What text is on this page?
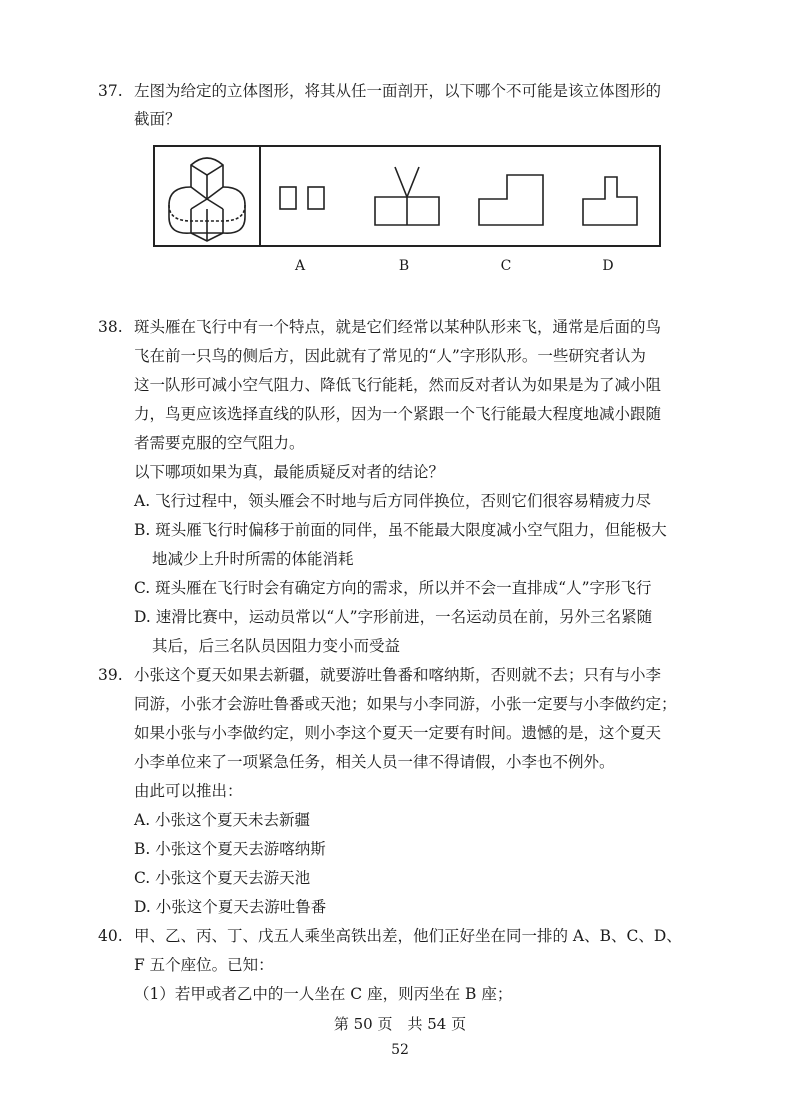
37. 左图为给定的立体图形，将其从任一面剖开，以下哪个不可能是该立体图形的
截面？
A	B	C	D
38. 斑头雁在飞行中有一个特点，就是它们经常以某种队形来飞，通常是后面的鸟
飞在前一只鸟的侧后方，因此就有了常见的“人”字形队形。一些研究者认为
这一队形可减小空气阻力、降低飞行能耗，然而反对者认为如果是为了减小阻
力，鸟更应该选择直线的队形，因为一个紧跟一个飞行能最大程度地减小跟随
者需要克服的空气阻力。
以下哪项如果为真，最能质疑反对者的结论？
A. 飞行过程中，领头雁会不时地与后方同伴换位，否则它们很容易精疲力尽
B. 斑头雁飞行时偏移于前面的同伴，虽不能最大限度减小空气阻力，但能极大
地减少上升时所需的体能消耗
C. 斑头雁在飞行时会有确定方向的需求，所以并不会一直排成“人”字形飞行
D. 速滑比赛中，运动员常以“人”字形前进，一名运动员在前，另外三名紧随
其后，后三名队员因阻力变小而受益
39. 小张这个夏天如果去新疆，就要游吐鲁番和喀纳斯，否则就不去；只有与小李
同游，小张才会游吐鲁番或天池；如果与小李同游，小张一定要与小李做约定；
如果小张与小李做约定，则小李这个夏天一定要有时间。遗憾的是，这个夏天
小李单位来了一项紧急任务，相关人员一律不得请假，小李也不例外。
由此可以推出：
A. 小张这个夏天未去新疆
B. 小张这个夏天去游喀纳斯
C. 小张这个夏天去游天池
D. 小张这个夏天去游吐鲁番
40. 甲、乙、丙、丁、戊五人乘坐高铁出差，他们正好坐在同一排的 A、B、C、D、
F 五个座位。已知：
（1）若甲或者乙中的一人坐在 C 座，则丙坐在 B 座；
第 50 页　共 54 页
52
